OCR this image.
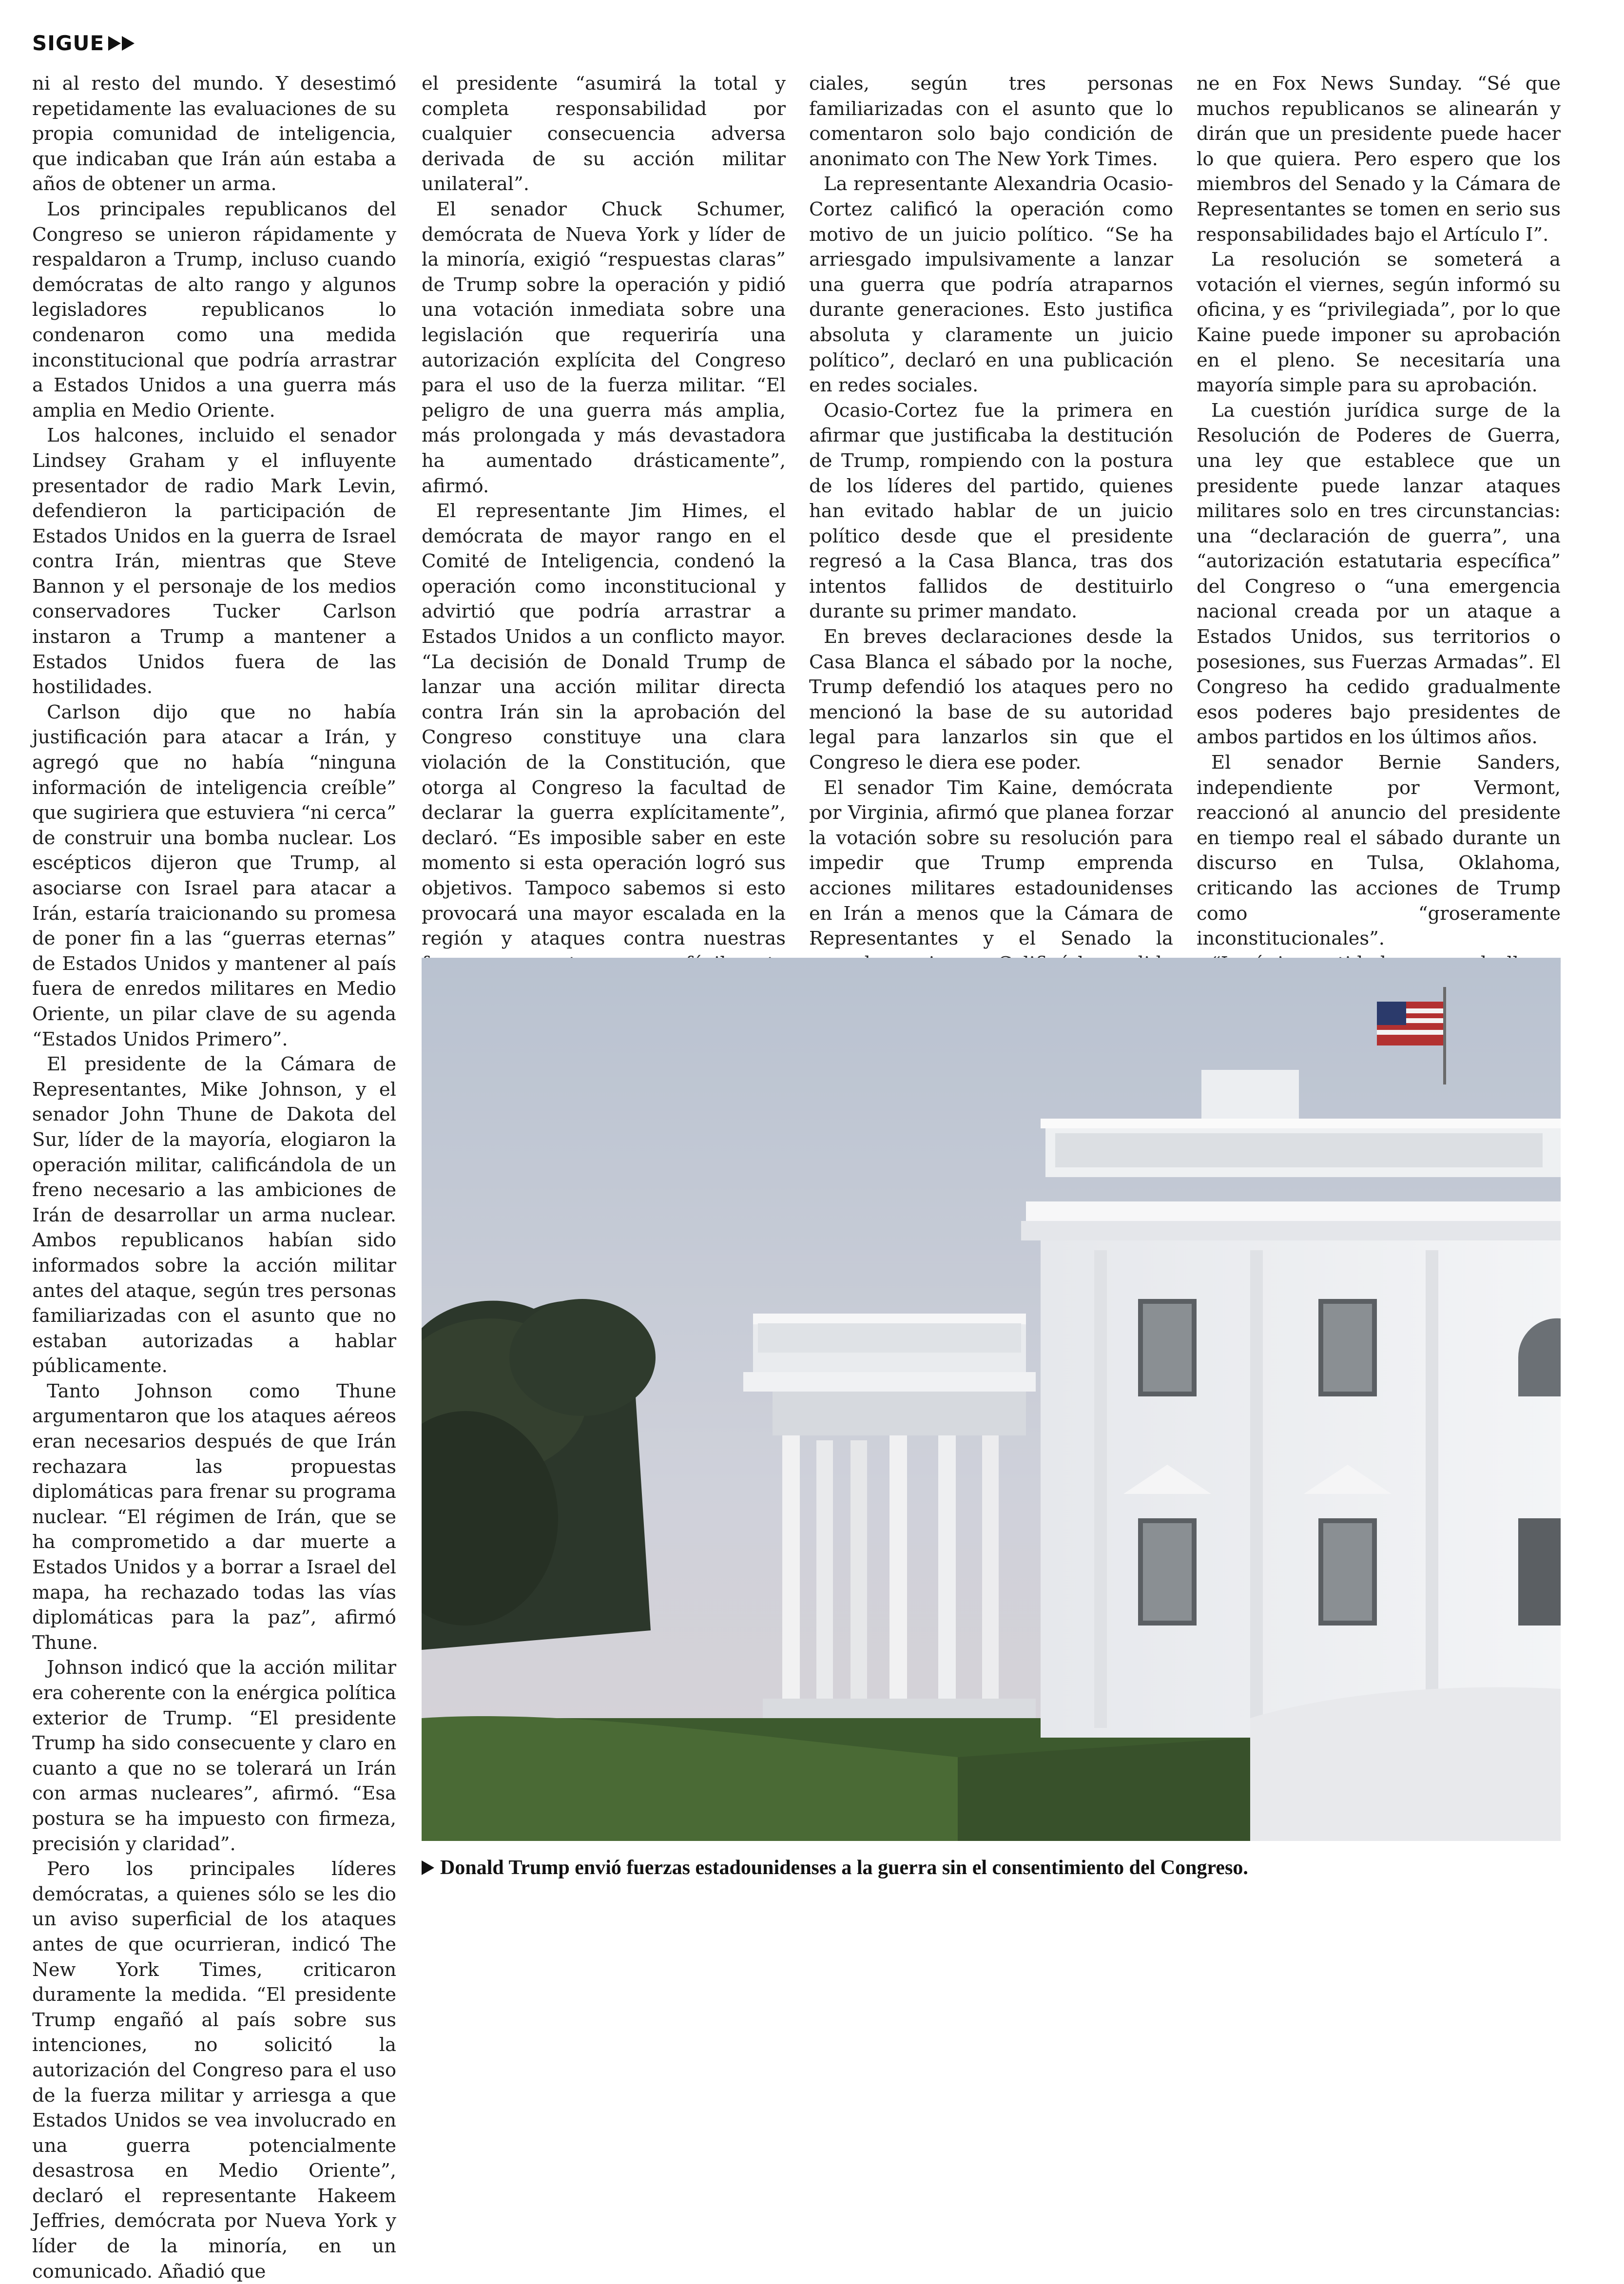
SIGUE

ni al resto del mundo. Y desestimó repetidamente las evaluaciones de su propia comunidad de inteligencia, que indicaban que Irán aún estaba a años de obtener un arma.

Los principales republicanos del Congreso se unieron rápidamente y respaldaron a Trump, incluso cuando demócratas de alto rango y algunos legisladores republicanos lo condenaron como una medida inconstitucional que podría arrastrar a Estados Unidos a una guerra más amplia en Medio Oriente.

Los halcones, incluido el senador Lindsey Graham y el influyente presentador de radio Mark Levin, defendieron la participación de Estados Unidos en la guerra de Israel contra Irán, mientras que Steve Bannon y el personaje de los medios conservadores Tucker Carlson instaron a Trump a mantener a Estados Unidos fuera de las hostilidades.

Carlson dijo que no había justificación para atacar a Irán, y agregó que no había “ninguna información de inteligencia creíble” que sugiriera que estuviera “ni cerca” de construir una bomba nuclear. Los escépticos dijeron que Trump, al asociarse con Israel para atacar a Irán, estaría traicionando su promesa de poner fin a las “guerras eternas” de Estados Unidos y mantener al país fuera de enredos militares en Medio Oriente, un pilar clave de su agenda “Estados Unidos Primero”.

El presidente de la Cámara de Representantes, Mike Johnson, y el senador John Thune de Dakota del Sur, líder de la mayoría, elogiaron la operación militar, calificándola de un freno necesario a las ambiciones de Irán de desarrollar un arma nuclear. Ambos republicanos habían sido informados sobre la acción militar antes del ataque, según tres personas familiarizadas con el asunto que no estaban autorizadas a hablar públicamente.

Tanto Johnson como Thune argumentaron que los ataques aéreos eran necesarios después de que Irán rechazara las propuestas diplomáticas para frenar su programa nuclear. “El régimen de Irán, que se ha comprometido a dar muerte a Estados Unidos y a borrar a Israel del mapa, ha rechazado todas las vías diplomáticas para la paz”, afirmó Thune.

Johnson indicó que la acción militar era coherente con la enérgica política exterior de Trump. “El presidente Trump ha sido consecuente y claro en cuanto a que no se tolerará un Irán con armas nucleares”, afirmó. “Esa postura se ha impuesto con firmeza, precisión y claridad”.

Pero los principales líderes demócratas, a quienes sólo se les dio un aviso superficial de los ataques antes de que ocurrieran, indicó The New York Times, criticaron duramente la medida. “El presidente Trump engañó al país sobre sus intenciones, no solicitó la autorización del Congreso para el uso de la fuerza militar y arriesga a que Estados Unidos se vea involucrado en una guerra potencialmente desastrosa en Medio Oriente”, declaró el representante Hakeem Jeffries, demócrata por Nueva York y líder de la minoría, en un comunicado. Añadió que

el presidente “asumirá la total y completa responsabilidad por cualquier consecuencia adversa derivada de su acción militar unilateral”.

El senador Chuck Schumer, demócrata de Nueva York y líder de la minoría, exigió “respuestas claras” de Trump sobre la operación y pidió una votación inmediata sobre una legislación que requeriría una autorización explícita del Congreso para el uso de la fuerza militar. “El peligro de una guerra más amplia, más prolongada y más devastadora ha aumentado drásticamente”, afirmó.

El representante Jim Himes, el demócrata de mayor rango en el Comité de Inteligencia, condenó la operación como inconstitucional y advirtió que podría arrastrar a Estados Unidos a un conflicto mayor. “La decisión de Donald Trump de lanzar una acción militar directa contra Irán sin la aprobación del Congreso constituye una clara violación de la Constitución, que otorga al Congreso la facultad de declarar la guerra explícitamente”, declaró. “Es imposible saber en este momento si esta operación logró sus objetivos. Tampoco sabemos si esto provocará una mayor escalada en la región y ataques contra nuestras

ciales, según tres personas familiarizadas con el asunto que lo comentaron solo bajo condición de anonimato con The New York Times.

La representante Alexandria Ocasio-Cortez calificó la operación como motivo de un juicio político. “Se ha arriesgado impulsivamente a lanzar una guerra que podría atraparnos durante generaciones. Esto justifica absoluta y claramente un juicio político”, declaró en una publicación en redes sociales.

Ocasio-Cortez fue la primera en afirmar que justificaba la destitución de Trump, rompiendo con la postura de los líderes del partido, quienes han evitado hablar de un juicio político desde que el presidente regresó a la Casa Blanca, tras dos intentos fallidos de destituirlo durante su primer mandato.

En breves declaraciones desde la Casa Blanca el sábado por la noche, Trump defendió los ataques pero no mencionó la base de su autoridad legal para lanzarlos sin que el Congreso le diera ese poder.

El senador Tim Kaine, demócrata por Virginia, afirmó que planea forzar la votación sobre su resolución para impedir que Trump emprenda acciones militares estadounidenses en Irán a menos que la Cámara de Representantes y el Senado la

ne en Fox News Sunday. “Sé que muchos republicanos se alinearán y dirán que un presidente puede hacer lo que quiera. Pero espero que los miembros del Senado y la Cámara de Representantes se tomen en serio sus responsabilidades bajo el Artículo I”.

La resolución se someterá a votación el viernes, según informó su oficina, y es “privilegiada”, por lo que Kaine puede imponer su aprobación en el pleno. Se necesitaría una mayoría simple para su aprobación.

La cuestión jurídica surge de la Resolución de Poderes de Guerra, una ley que establece que un presidente puede lanzar ataques militares solo en tres circunstancias: una “declaración de guerra”, una “autorización estatutaria específica” del Congreso o “una emergencia nacional creada por un ataque a Estados Unidos, sus territorios o posesiones, sus Fuerzas Armadas”. El Congreso ha cedido gradualmente esos poderes bajo presidentes de ambos partidos en los últimos años.

El senador Bernie Sanders, independiente por Vermont, reaccionó al anuncio del presidente en tiempo real el sábado durante un discurso en Tulsa, Oklahoma, criticando las acciones de Trump como “groseramente inconstitucionales”.

Donald Trump envió fuerzas estadounidenses a la guerra sin el consentimiento del Congreso.
